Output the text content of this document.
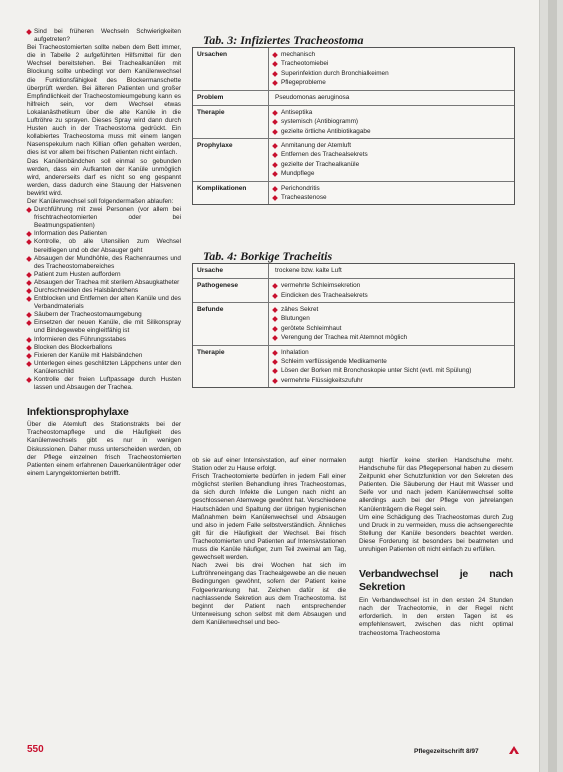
Sind bei früheren Wechseln Schwierigkeiten aufgetreten?

Bei Tracheostomierten sollte neben dem Bett immer, die in Tabelle 2 aufgeführten Hilfsmittel für den Wechsel bereitstehen. Bei Trachealkanülen mit Blockung sollte unbedingt vor dem Kanülenwechsel die Funktionsfähigkeit des Blockermanschette überprüft werden. Bei älteren Patienten und großer Empfindlichkeit der Tracheostomieumgebung kann es hilfreich sein, vor dem Wechsel etwas Lokalanästhetikum über die alte Kanüle in die Luftröhre zu sprayen. Dieses Spray wird dann durch Husten auch in der Tracheostoma gedrückt. Ein kollabiertes Tracheostoma muss mit einem langen Nasenspekulum nach Killian offen gehalten werden, dies ist vor allem bei frischen Patienten nicht einfach.

Das Kanülenbändchen soll einmal so gebunden werden, dass ein Aufkanten der Kanüle unmöglich wird, andererseits darf es nicht so eng gespannt werden, dass dadurch eine Stauung der Halsvenen bewirkt wird.

Der Kanülenwechsel soll folgendermaßen ablaufen:

Durchführung mit zwei Personen (vor allem bei frischtracheotomierten oder bei Beatmungspatienten)
Information des Patienten
Kontrolle, ob alle Utensilien zum Wechsel bereitliegen und ob der Absauger geht
Absaugen der Mundhöhle, des Rachenraumes und des Tracheostomabereiches
Patient zum Husten auffordern
Absaugen der Trachea mit sterilem Absaugkatheter
Durchschneiden des Halsbändchens
Entblocken und Entfernen der alten Kanüle und des Verbandmaterials
Säubern der Tracheostomaumgebung
Einsetzen der neuen Kanüle, die mit Silikonspray und Bindegewebe eingleitfähig ist
Informieren des Führungsstabes
Blocken des Blockerballons
Fixieren der Kanüle mit Halsbändchen
Unterlegen eines geschlitzten Läppchens unter den Kanülenschild
Kontrolle der freien Luftpassage durch Husten lassen und Absaugen der Trachea.
Infektionsprophylaxe

Über die Atemluft des Stationstrakts bei der Tracheostomapflege und die Häufigkeit des Kanülenwechsels gibt es nur in wenigen Diskussionen. Daher muss unterscheiden werden, ob der Pflege einzelnen frisch Tracheostomierten Patienten einem erfahrenen Dauerkanülenträger oder einem Laryngektomierten betrifft.

Tab. 3: Infiziertes Tracheostoma
Ursachen	mechanisch
Tracheotomiebei
Superinfektion durch Bronchialkeimen
Pflegeprobleme
Problem	Pseudomonas aeruginosa
Therapie	Antiseptika
systemisch (Antibiogramm)
gezielte örtliche Antibiotikagabe
Prophylaxe	Anmitanung der Atemluft
Entfernen des Trachealsekrets
gezielte der Trachealkanüle
Mundpflege
Komplikationen	Perichondritis
Tracheastenose
Tab. 4: Borkige Tracheitis
Ursache	trockene bzw. kalte Luft
Pathogenese	vermehrte Schleimsekretion
Eindicken des Trachealsekrets
Befunde	zähes Sekret
Blutungen
gerötete Schleimhaut
Verengung der Trachea mit Atemnot möglich
Therapie	Inhalation
Schleim verflüssigende Medikamente
Lösen der Borken mit Bronchoskopie unter Sicht (evtl. mit Spülung)
vermehrte Flüssigkeitszufuhr

ob sie auf einer Intensivstation, auf einer normalen Station oder zu Hause erfolgt.

Frisch Tracheotomierte bedürfen in jedem Fall einer möglichst sterilen Behandlung ihres Tracheostomas, da sich durch Infekte die Lungen nach nicht an geschlossenen Atemwege gewöhnt hat. Verschiedene Hautschäden und Spaltung der übrigen hygienischen Maßnahmen beim Kanülenwechsel und Absaugen und also in jedem Falle selbstverständlich. Ähnliches gilt für die Häufigkeit der Wechsel. Bei frisch Tracheotomierten und Patienten auf Intensivstationen muss die Kanüle häufiger, zum Teil zweimal am Tag, gewechselt werden.

Nach zwei bis drei Wochen hat sich im Luftröhreneingang das Trachealgewebe an die neuen Bedingungen gewöhnt, sofern der Patient keine Folgeerkrankung hat. Zeichen dafür ist die nachlassende Sekretion aus dem Tracheostoma. Ist beginnt der Patient nach entsprechender Unterweisung schon selbst mit dem Absaugen und dem Kanülenwechsel und beo-

autgt hierfür keine sterilen Handschuhe mehr. Handschuhe für das Pflegepersonal haben zu diesem Zeitpunkt eher Schutzfunktion vor den Sekreten des Patienten. Die Säuberung der Haut mit Wasser und Seife vor und nach jedem Kanülenwechsel sollte allerdings auch bei der Pflege von jahrelangen Kanülenträgern die Regel sein.

Um eine Schädigung des Tracheostomas durch Zug und Druck in zu vermeiden, muss die achsengerechte Stellung der Kanüle besonders beachtet werden. Diese Forderung ist besonders bei beatmeten und unruhigen Patienten oft nicht einfach zu erfüllen.

Verbandwechsel je nach Sekretion

Ein Verbandwechsel ist in den ersten 24 Stunden nach der Tracheotomie, in der Regel nicht erforderlich. In den ersten Tagen ist es empfehlenswert, zwischen das nicht optimal tracheostoma Tracheostoma

550	Pflegezeitschrift 8/97
